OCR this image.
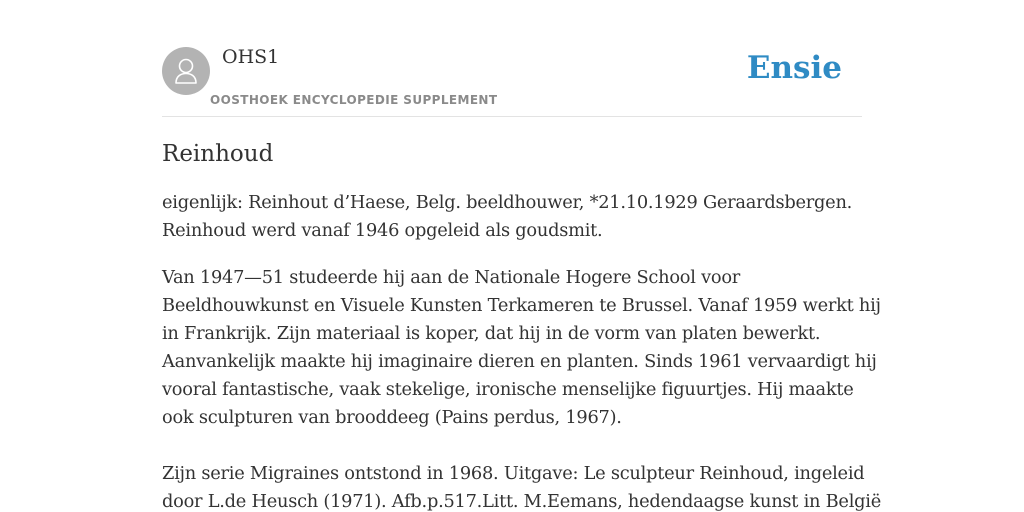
OHS1
OOSTHOEK ENCYCLOPEDIE SUPPLEMENT
Ensie
Reinhoud

eigenlijk: Reinhout d’Haese, Belg. beeldhouwer, *21.10.1929 Geraardsbergen.
Reinhoud werd vanaf 1946 opgeleid als goudsmit.

Van 1947—51 studeerde hij aan de Nationale Hogere School voor
Beeldhouwkunst en Visuele Kunsten Terkameren te Brussel. Vanaf 1959 werkt hij
in Frankrijk. Zijn materiaal is koper, dat hij in de vorm van platen bewerkt.
Aanvankelijk maakte hij imaginaire dieren en planten. Sinds 1961 vervaardigt hij
vooral fantastische, vaak stekelige, ironische menselijke figuurtjes. Hij maakte
ook sculpturen van brooddeeg (Pains perdus, 1967).
Zijn serie Migraines ontstond in 1968. Uitgave: Le sculpteur Reinhoud, ingeleid
door L.de Heusch (1971). Afb.p.517.Litt. M.Eemans, hedendaagse kunst in België
